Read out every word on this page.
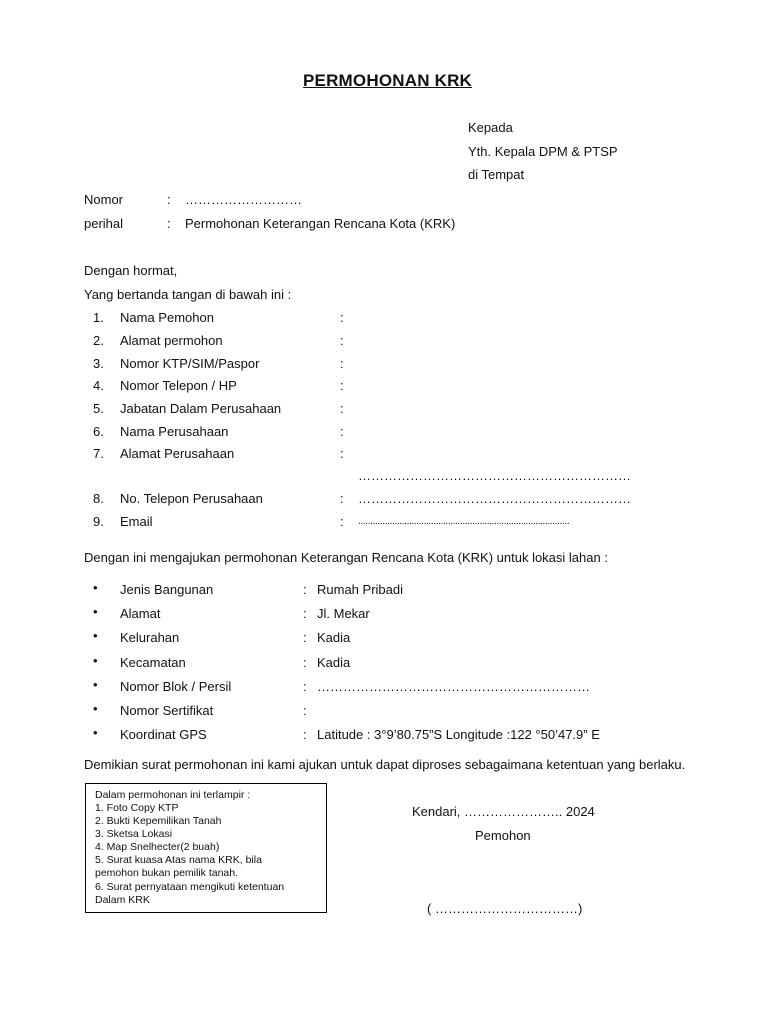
PERMOHONAN KRK
Kepada
Yth. Kepala DPM & PTSP
di Tempat
Nomor	: ………………………
perihal	: Permohonan Keterangan Rencana Kota (KRK)
Dengan hormat,
Yang bertanda tangan di bawah ini :
1. Nama Pemohon	:
2. Alamat permohon	:
3. Nomor KTP/SIM/Paspor	:
4. Nomor Telepon / HP	:
5. Jabatan Dalam Perusahaan	:
6. Nama Perusahaan	:
7. Alamat Perusahaan	:
………………………………………………………
8. No. Telepon Perusahaan	: ………………………………………………………
9. Email	: .......................................................................................
Dengan ini mengajukan permohonan Keterangan Rencana Kota (KRK) untuk lokasi lahan :
• Jenis Bangunan	: Rumah Pribadi
• Alamat	: Jl. Mekar
• Kelurahan	: Kadia
• Kecamatan	: Kadia
• Nomor Blok / Persil	: ………………………………………………………
• Nomor Sertifikat	:
• Koordinat GPS	: Latitude : 3°9’80.75”S Longitude :122 °50’47.9” E
Demikian surat permohonan ini kami ajukan untuk dapat diproses sebagaimana ketentuan yang berlaku.
Dalam permohonan ini terlampir :
1. Foto Copy KTP
2. Bukti Kepemilikan Tanah
3. Sketsa Lokasi
4. Map Snelhecter(2 buah)
5. Surat kuasa Atas nama KRK, bila
pemohon bukan pemilik tanah.
6. Surat pernyataan mengikuti ketentuan
Dalam KRK
Kendari, ………………….. 2024
Pemohon
( ……………………………)
